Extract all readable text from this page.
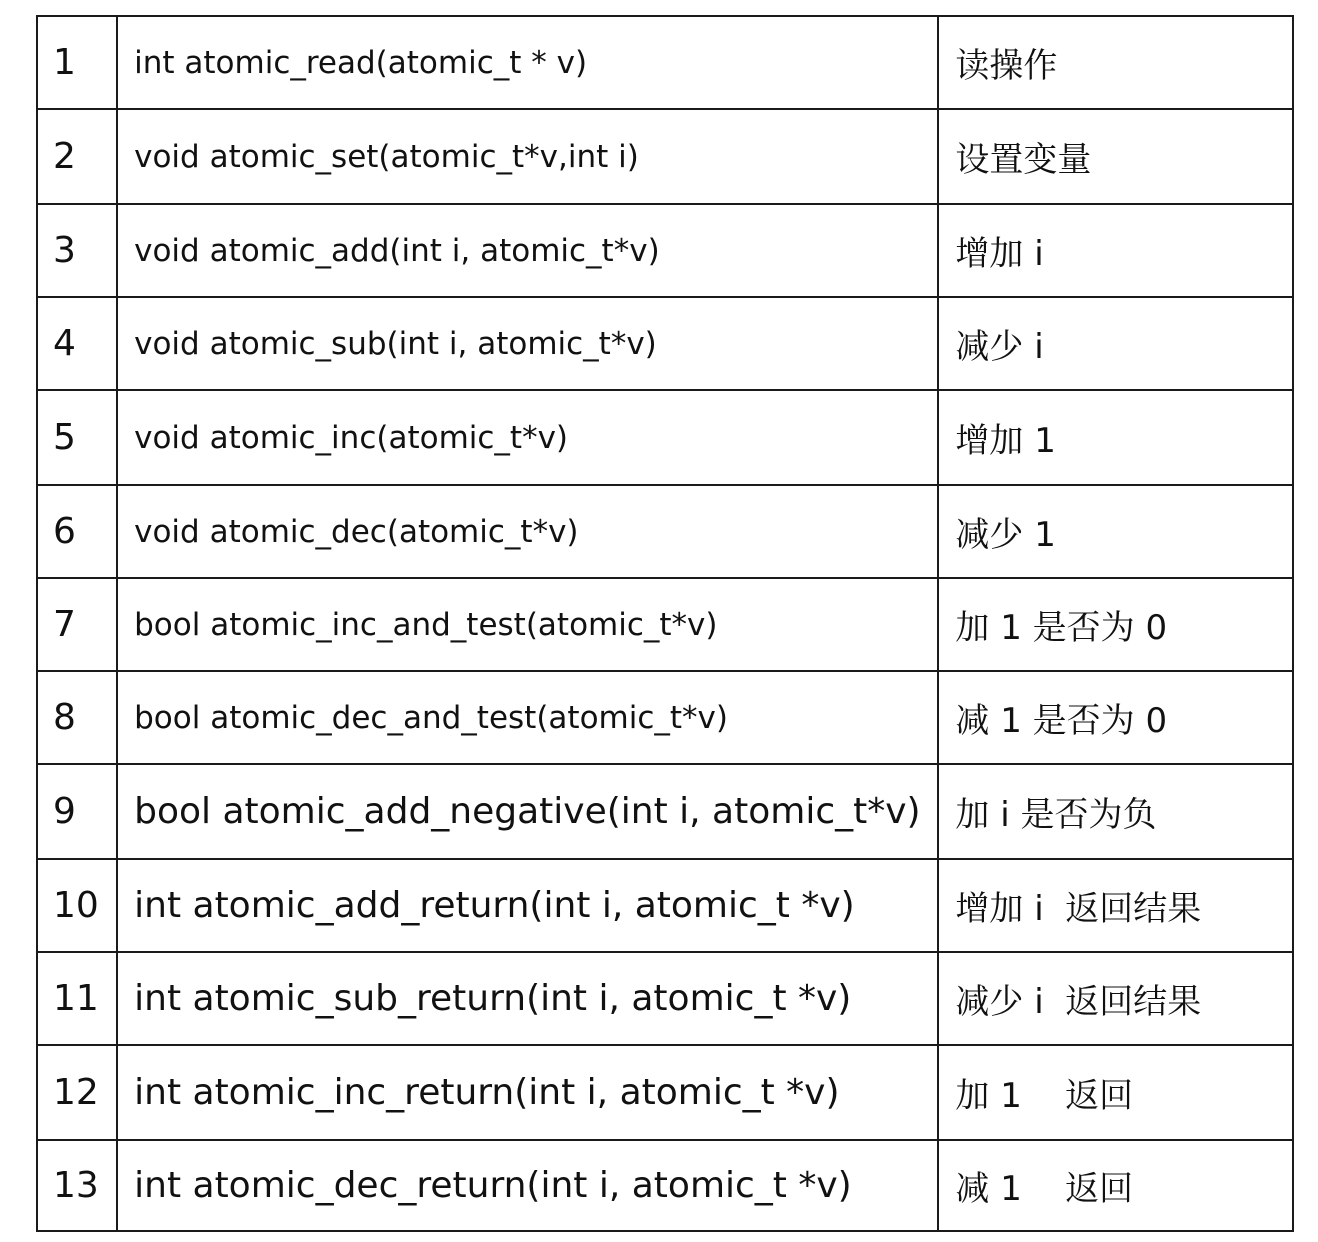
1	int atomic_read(atomic_t * v)	读操作
2	void atomic_set(atomic_t*v,int i)	设置变量
3	void atomic_add(int i, atomic_t*v)	增加 i
4	void atomic_sub(int i, atomic_t*v)	减少 i
5	void atomic_inc(atomic_t*v)	增加 1
6	void atomic_dec(atomic_t*v)	减少 1
7	bool atomic_inc_and_test(atomic_t*v)	加 1 是否为 0
8	bool atomic_dec_and_test(atomic_t*v)	减 1 是否为 0
9	bool atomic_add_negative(int i, atomic_t*v)	加 i 是否为负
10	int atomic_add_return(int i, atomic_t *v)	增加 i  返回结果
11	int atomic_sub_return(int i, atomic_t *v)	减少 i  返回结果
12	int atomic_inc_return(int i, atomic_t *v)	加 1    返回
13	int atomic_dec_return(int i, atomic_t *v)	减 1    返回
